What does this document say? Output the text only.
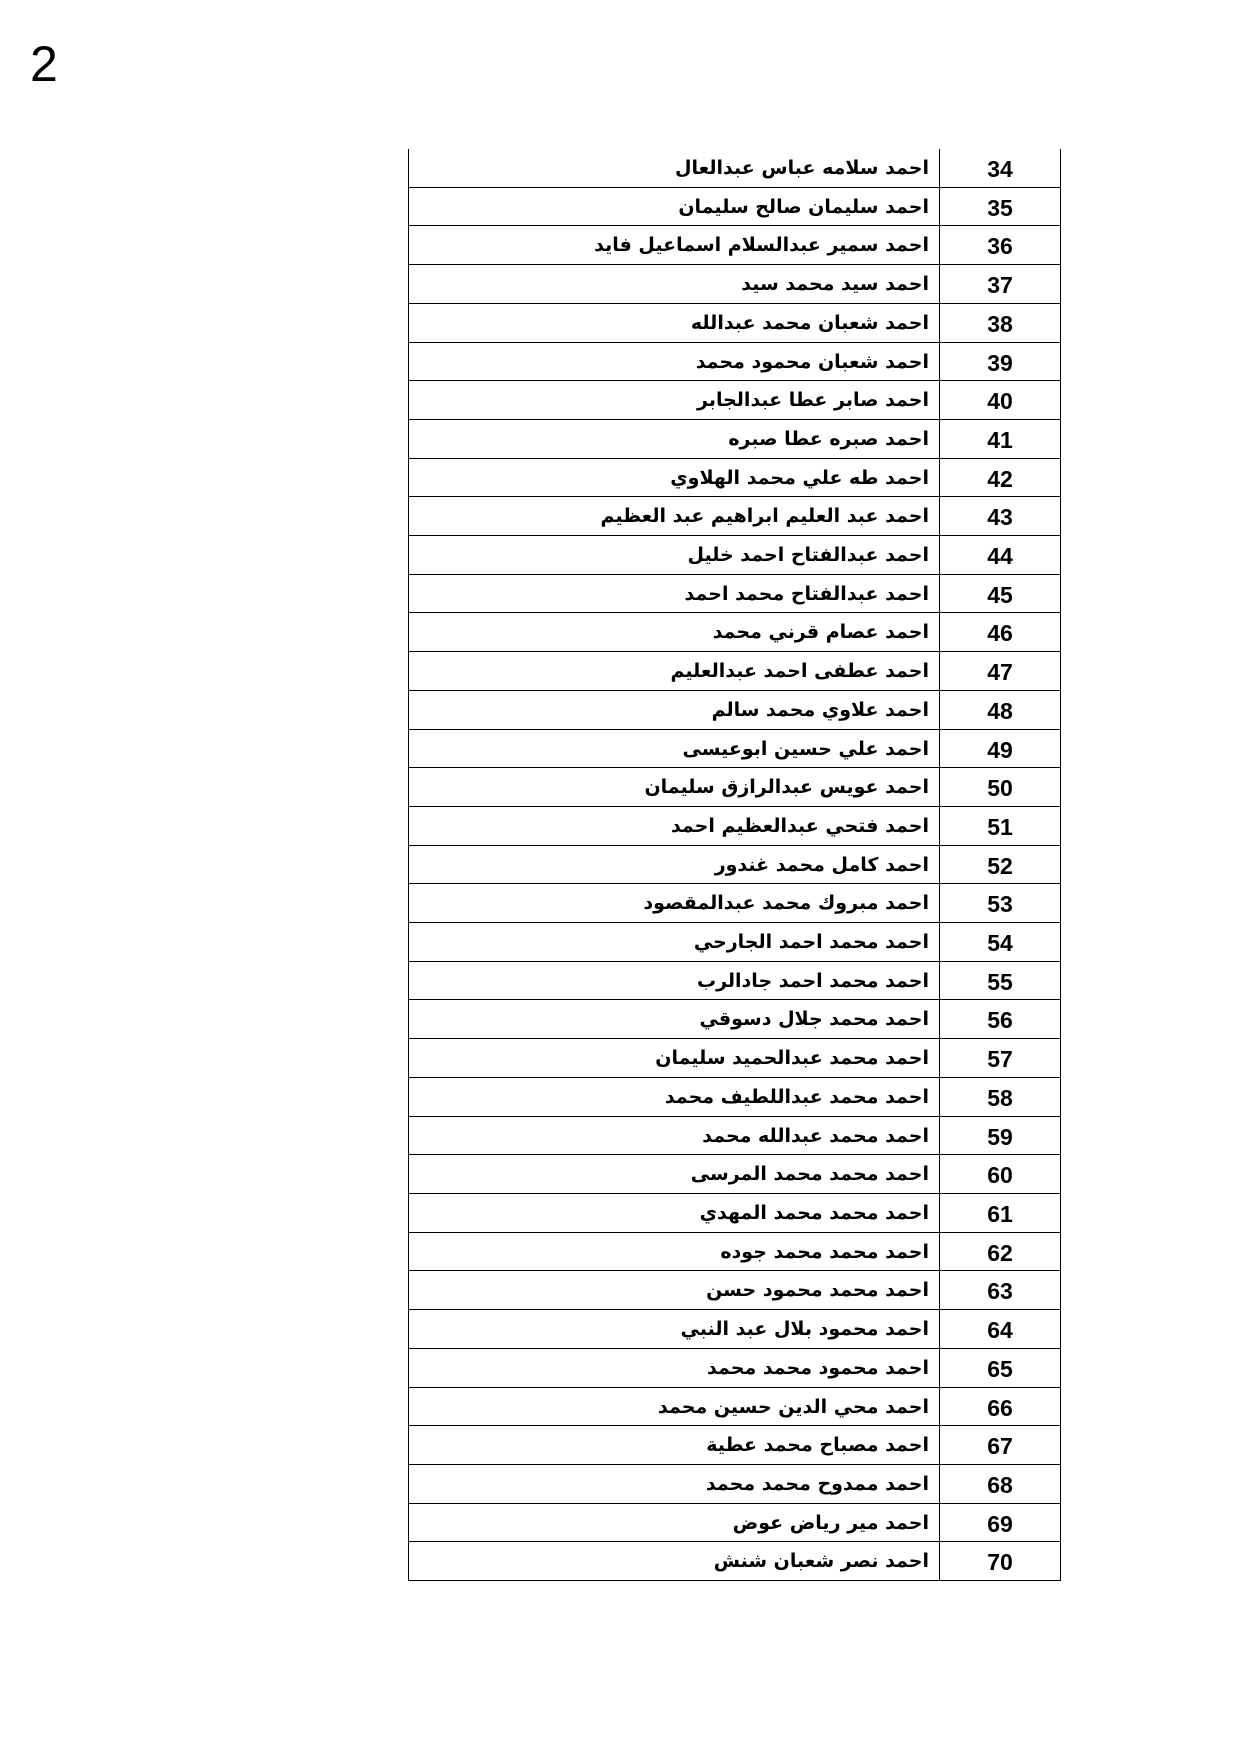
2
احمد سلامه عباس عبدالعال	34
احمد سليمان صالح سليمان	35
احمد سمير عبدالسلام اسماعيل فايد	36
احمد سيد محمد سيد	37
احمد شعبان محمد عبدالله	38
احمد شعبان محمود محمد	39
احمد صابر عطا عبدالجابر	40
احمد صبره عطا صبره	41
احمد طه علي محمد الهلاوي	42
احمد عبد العليم ابراهيم عبد العظيم	43
احمد عبدالفتاح احمد خليل	44
احمد عبدالفتاح محمد احمد	45
احمد عصام قرني محمد	46
احمد عطفى احمد عبدالعليم	47
احمد علاوي محمد سالم	48
احمد علي حسين ابوعيسى	49
احمد عويس عبدالرازق سليمان	50
احمد فتحي عبدالعظيم احمد	51
احمد كامل محمد غندور	52
احمد مبروك محمد عبدالمقصود	53
احمد محمد احمد الجارحي	54
احمد محمد احمد جادالرب	55
احمد محمد جلال دسوقي	56
احمد محمد عبدالحميد سليمان	57
احمد محمد عبداللطيف محمد	58
احمد محمد عبدالله محمد	59
احمد محمد محمد المرسى	60
احمد محمد محمد المهدي	61
احمد محمد محمد جوده	62
احمد محمد محمود حسن	63
احمد محمود بلال عبد النبي	64
احمد محمود محمد محمد	65
احمد محي الدين حسين محمد	66
احمد مصباح محمد عطية	67
احمد ممدوح محمد محمد	68
احمد مير رياض عوض	69
احمد نصر شعبان شنش	70
